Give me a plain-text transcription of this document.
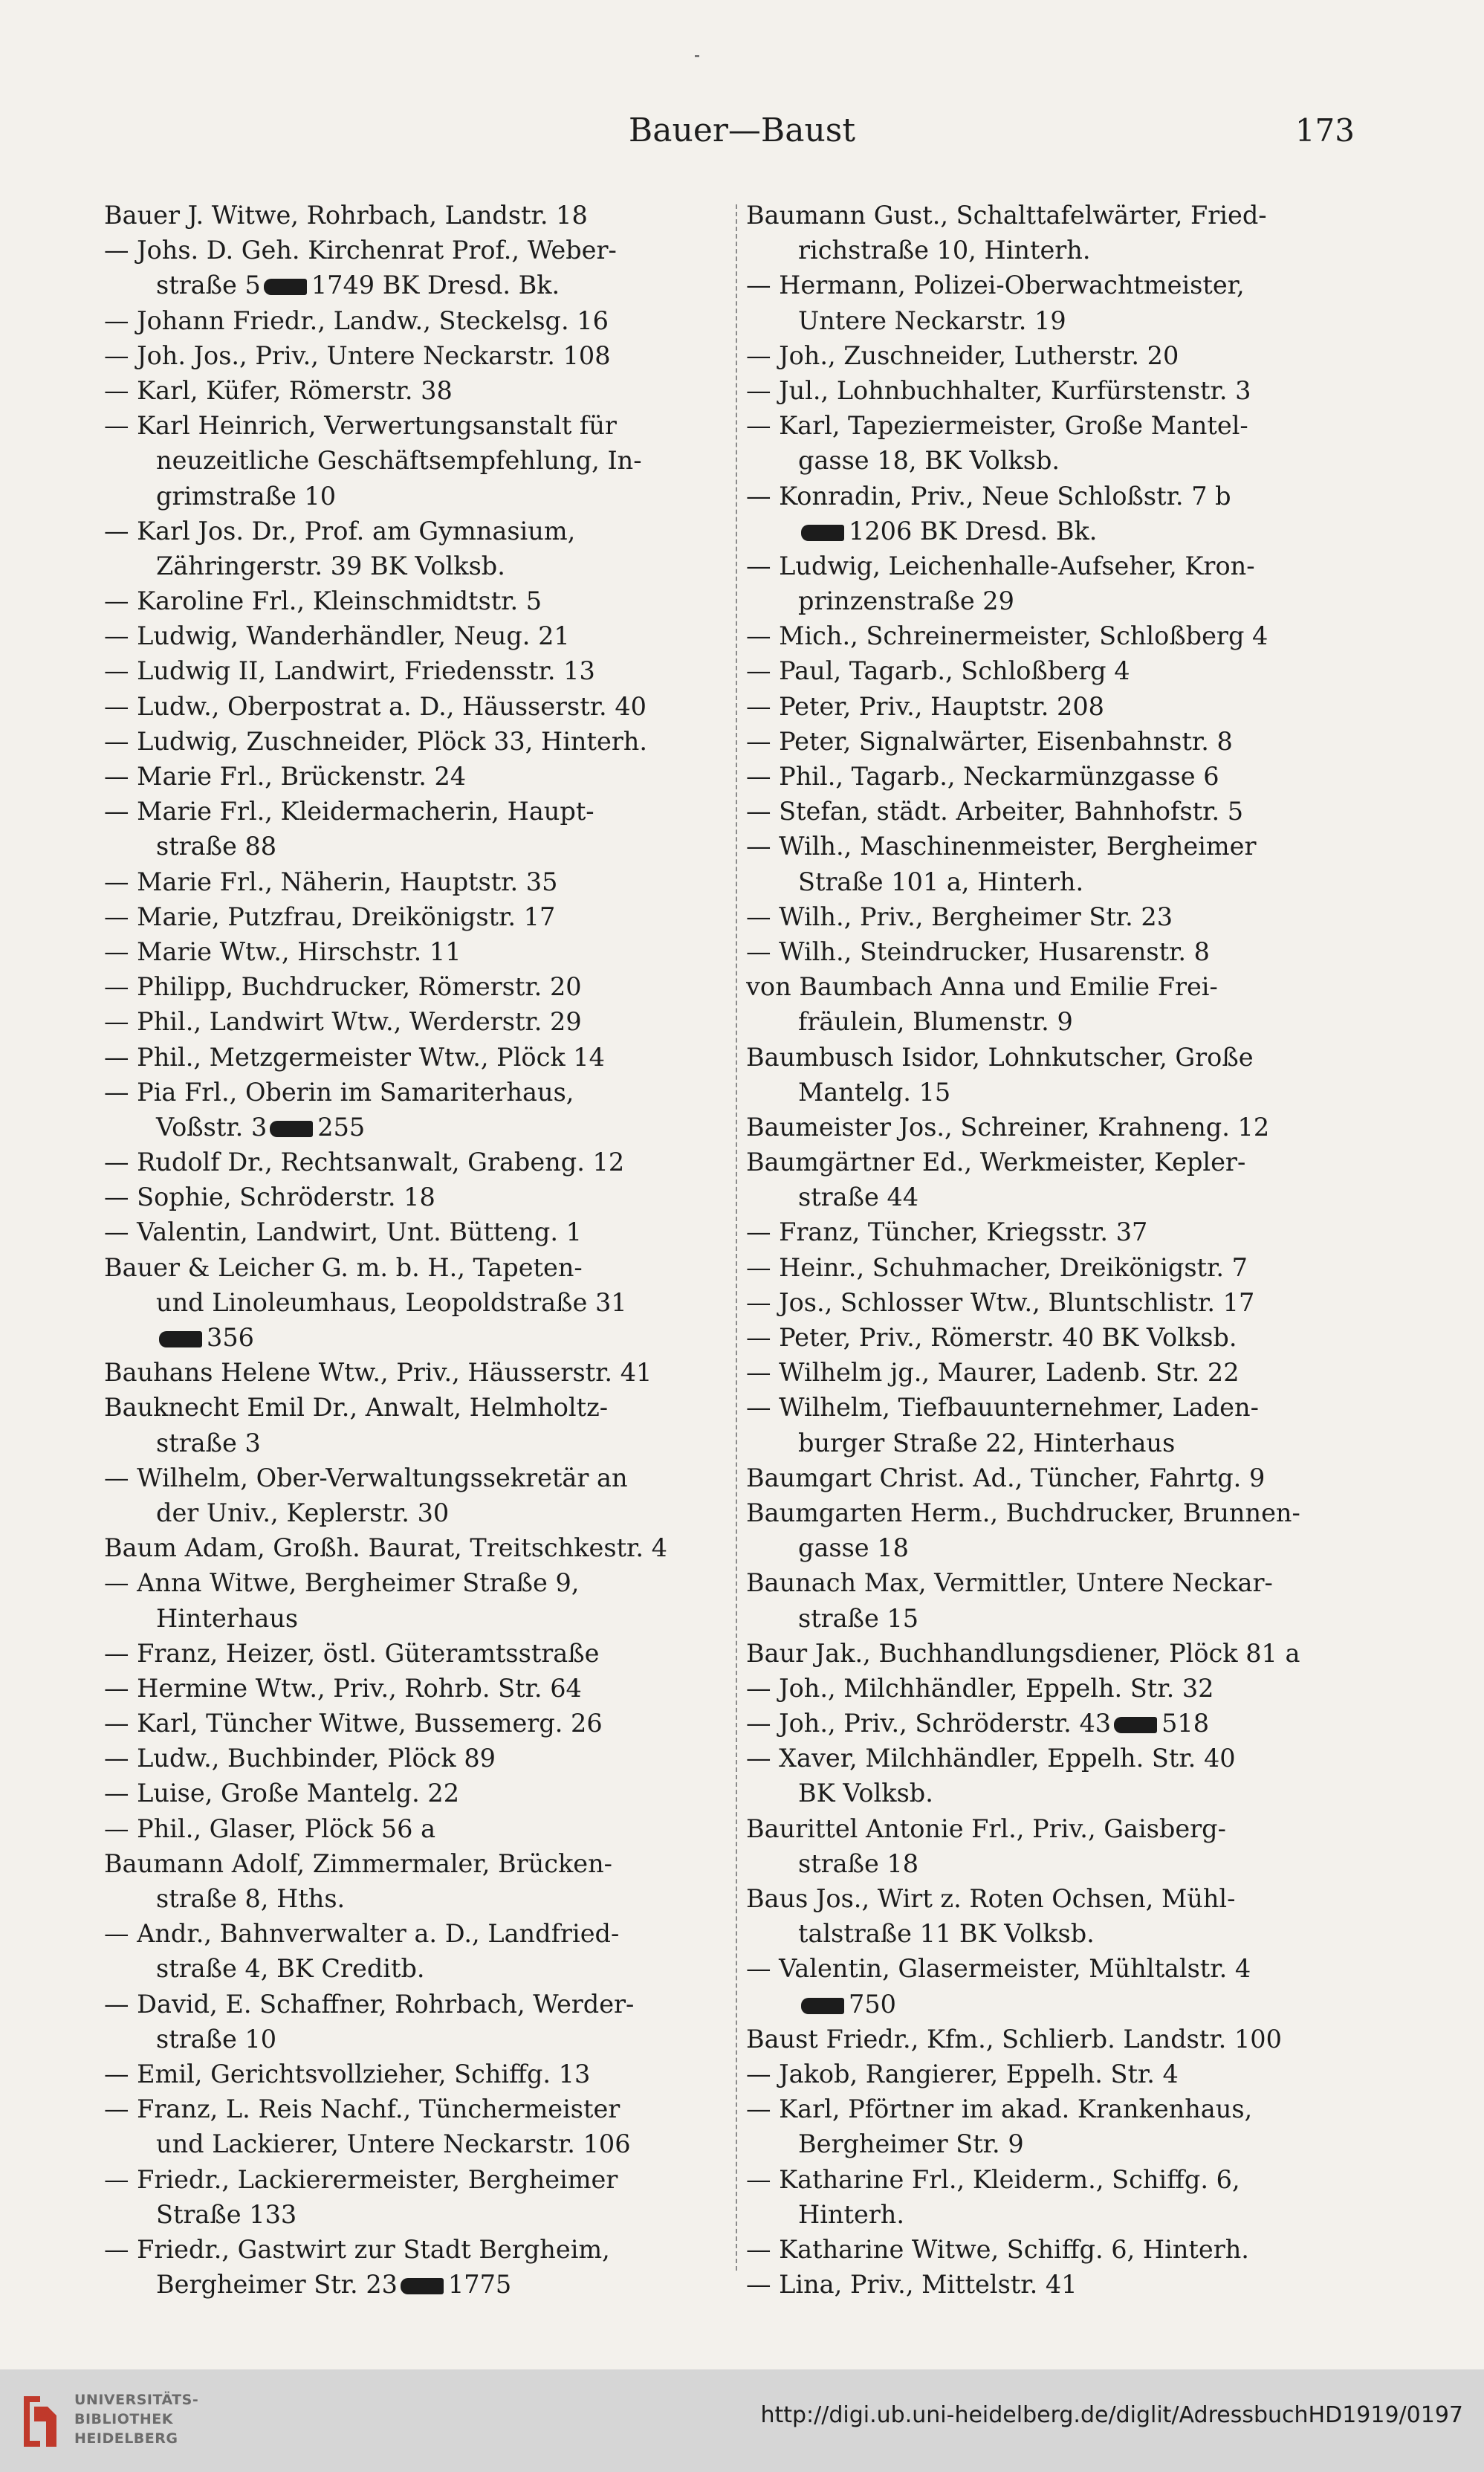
Bauer—Baust	173
Bauer J. Witwe, Rohrbach, Landstr. 18
— Johs. D. Geh. Kirchenrat Prof., Weber-
straße 5 1749 BK Dresd. Bk.
— Johann Friedr., Landw., Steckelsg. 16
— Joh. Jos., Priv., Untere Neckarstr. 108
— Karl, Küfer, Römerstr. 38
— Karl Heinrich, Verwertungsanstalt für
neuzeitliche Geschäftsempfehlung, In-
grimstraße 10
— Karl Jos. Dr., Prof. am Gymnasium,
Zähringerstr. 39 BK Volksb.
— Karoline Frl., Kleinschmidtstr. 5
— Ludwig, Wanderhändler, Neug. 21
— Ludwig II, Landwirt, Friedensstr. 13
— Ludw., Oberpostrat a. D., Häusserstr. 40
— Ludwig, Zuschneider, Plöck 33, Hinterh.
— Marie Frl., Brückenstr. 24
— Marie Frl., Kleidermacherin, Haupt-
straße 88
— Marie Frl., Näherin, Hauptstr. 35
— Marie, Putzfrau, Dreikönigstr. 17
— Marie Wtw., Hirschstr. 11
— Philipp, Buchdrucker, Römerstr. 20
— Phil., Landwirt Wtw., Werderstr. 29
— Phil., Metzgermeister Wtw., Plöck 14
— Pia Frl., Oberin im Samariterhaus,
Voßstr. 3 255
— Rudolf Dr., Rechtsanwalt, Grabeng. 12
— Sophie, Schröderstr. 18
— Valentin, Landwirt, Unt. Bütteng. 1
Bauer & Leicher G. m. b. H., Tapeten-
und Linoleumhaus, Leopoldstraße 31
356
Bauhans Helene Wtw., Priv., Häusserstr. 41
Bauknecht Emil Dr., Anwalt, Helmholtz-
straße 3
— Wilhelm, Ober-Verwaltungssekretär an
der Univ., Keplerstr. 30
Baum Adam, Großh. Baurat, Treitschkestr. 4
— Anna Witwe, Bergheimer Straße 9,
Hinterhaus
— Franz, Heizer, östl. Güteramtsstraße
— Hermine Wtw., Priv., Rohrb. Str. 64
— Karl, Tüncher Witwe, Bussemerg. 26
— Ludw., Buchbinder, Plöck 89
— Luise, Große Mantelg. 22
— Phil., Glaser, Plöck 56 a
Baumann Adolf, Zimmermaler, Brücken-
straße 8, Hths.
— Andr., Bahnverwalter a. D., Landfried-
straße 4, BK Creditb.
— David, E. Schaffner, Rohrbach, Werder-
straße 10
— Emil, Gerichtsvollzieher, Schiffg. 13
— Franz, L. Reis Nachf., Tünchermeister
und Lackierer, Untere Neckarstr. 106
— Friedr., Lackierermeister, Bergheimer
Straße 133
— Friedr., Gastwirt zur Stadt Bergheim,
Bergheimer Str. 23 1775
Baumann Gust., Schalttafelwärter, Fried-
richstraße 10, Hinterh.
— Hermann, Polizei-Oberwachtmeister,
Untere Neckarstr. 19
— Joh., Zuschneider, Lutherstr. 20
— Jul., Lohnbuchhalter, Kurfürstenstr. 3
— Karl, Tapeziermeister, Große Mantel-
gasse 18, BK Volksb.
— Konradin, Priv., Neue Schloßstr. 7 b
1206 BK Dresd. Bk.
— Ludwig, Leichenhalle-Aufseher, Kron-
prinzenstraße 29
— Mich., Schreinermeister, Schloßberg 4
— Paul, Tagarb., Schloßberg 4
— Peter, Priv., Hauptstr. 208
— Peter, Signalwärter, Eisenbahnstr. 8
— Phil., Tagarb., Neckarmünzgasse 6
— Stefan, städt. Arbeiter, Bahnhofstr. 5
— Wilh., Maschinenmeister, Bergheimer
Straße 101 a, Hinterh.
— Wilh., Priv., Bergheimer Str. 23
— Wilh., Steindrucker, Husarenstr. 8
von Baumbach Anna und Emilie Frei-
fräulein, Blumenstr. 9
Baumbusch Isidor, Lohnkutscher, Große
Mantelg. 15
Baumeister Jos., Schreiner, Krahneng. 12
Baumgärtner Ed., Werkmeister, Kepler-
straße 44
— Franz, Tüncher, Kriegsstr. 37
— Heinr., Schuhmacher, Dreikönigstr. 7
— Jos., Schlosser Wtw., Bluntschlistr. 17
— Peter, Priv., Römerstr. 40 BK Volksb.
— Wilhelm jg., Maurer, Ladenb. Str. 22
— Wilhelm, Tiefbauunternehmer, Laden-
burger Straße 22, Hinterhaus
Baumgart Christ. Ad., Tüncher, Fahrtg. 9
Baumgarten Herm., Buchdrucker, Brunnen-
gasse 18
Baunach Max, Vermittler, Untere Neckar-
straße 15
Baur Jak., Buchhandlungsdiener, Plöck 81 a
— Joh., Milchhändler, Eppelh. Str. 32
— Joh., Priv., Schröderstr. 43 518
— Xaver, Milchhändler, Eppelh. Str. 40
BK Volksb.
Baurittel Antonie Frl., Priv., Gaisberg-
straße 18
Baus Jos., Wirt z. Roten Ochsen, Mühl-
talstraße 11 BK Volksb.
— Valentin, Glasermeister, Mühltalstr. 4
750
Baust Friedr., Kfm., Schlierb. Landstr. 100
— Jakob, Rangierer, Eppelh. Str. 4
— Karl, Pförtner im akad. Krankenhaus,
Bergheimer Str. 9
— Katharine Frl., Kleiderm., Schiffg. 6,
Hinterh.
— Katharine Witwe, Schiffg. 6, Hinterh.
— Lina, Priv., Mittelstr. 41
UNIVERSITÄTS-
BIBLIOTHEK
HEIDELBERG
http://digi.ub.uni-heidelberg.de/diglit/AdressbuchHD1919/0197
